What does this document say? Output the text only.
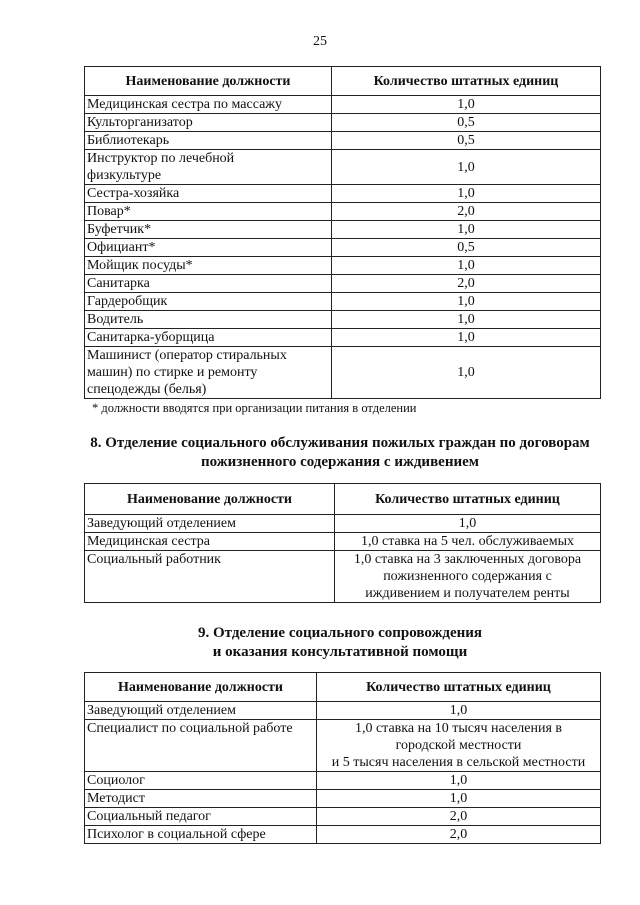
25
Наименование должности	Количество штатных единиц
Медицинская сестра по массажу	1,0
Культорганизатор	0,5
Библиотекарь	0,5
Инструктор по лечебной
физкультуре	1,0
Сестра-хозяйка	1,0
Повар*	2,0
Буфетчик*	1,0
Официант*	0,5
Мойщик посуды*	1,0
Санитарка	2,0
Гардеробщик	1,0
Водитель	1,0
Санитарка-уборщица	1,0
Машинист (оператор стиральных
машин) по стирке и ремонту
спецодежды (белья)	1,0
* должности вводятся при организации питания в отделении
8. Отделение социального обслуживания пожилых граждан по договорам
пожизненного содержания с иждивением
Наименование должности	Количество штатных единиц
Заведующий отделением	1,0
Медицинская сестра	1,0 ставка на 5 чел. обслуживаемых
Социальный работник	1,0 ставка на 3 заключенных договора
пожизненного содержания с
иждивением и получателем ренты
9. Отделение социального сопровождения
и оказания консультативной помощи
Наименование должности	Количество штатных единиц
Заведующий отделением	1,0
Специалист по социальной работе	1,0 ставка на 10 тысяч населения в
городской местности
и 5 тысяч населения в сельской местности
Социолог	1,0
Методист	1,0
Социальный педагог	2,0
Психолог в социальной сфере	2,0
